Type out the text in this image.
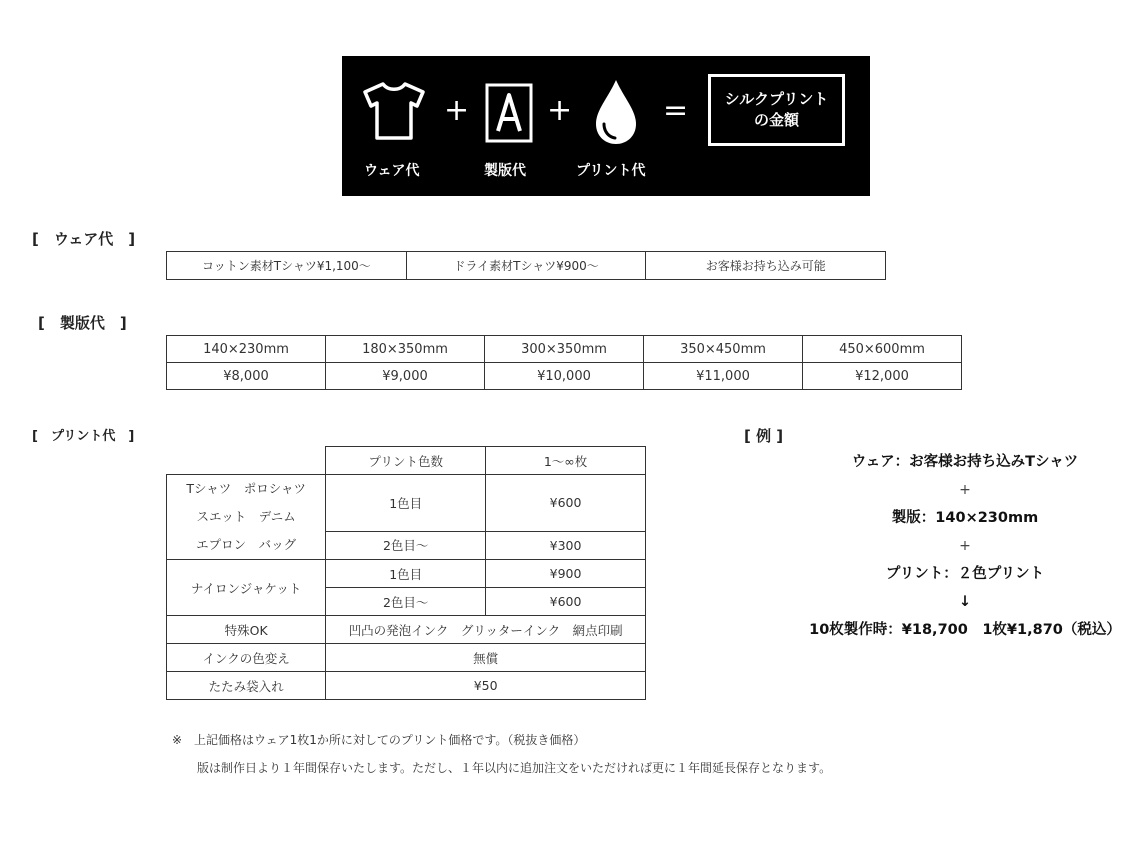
ウェア代
+
製版代
+
プリント代
= シルクプリント
の金額
[　ウェア代　]
コットン素材Tシャツ¥1,100〜	ドライ素材Tシャツ¥900〜	お客様お持ち込み可能
[　製版代　]
140×230mm	180×350mm	300×350mm	350×450mm	450×600mm
¥8,000	¥9,000	¥10,000	¥11,000	¥12,000
[　プリント代　]
	プリント色数	1〜∞枚

Tシャツ　ポロシャツ
スエット　デニム
エプロン　バッグ	1色目	¥600
	2色目〜	¥300
ナイロンジャケット	1色目	¥900
	2色目〜	¥600
特殊OK	凹凸の発泡インク　グリッターインク　網点印刷	
インクの色変え	無償	
たたみ袋入れ	¥50	
[ 例 ]
ウェア：お客様お持ち込みTシャツ
+
製版：140×230mm
+
プリント：２色プリント
↓
10枚製作時：¥18,700　1枚¥1,870（税込）
※　上記価格はウェア1枚1か所に対してのプリント価格です。（税抜き価格）
版は制作日より１年間保存いたします。ただし、１年以内に追加注文をいただければ更に１年間延長保存となります。
